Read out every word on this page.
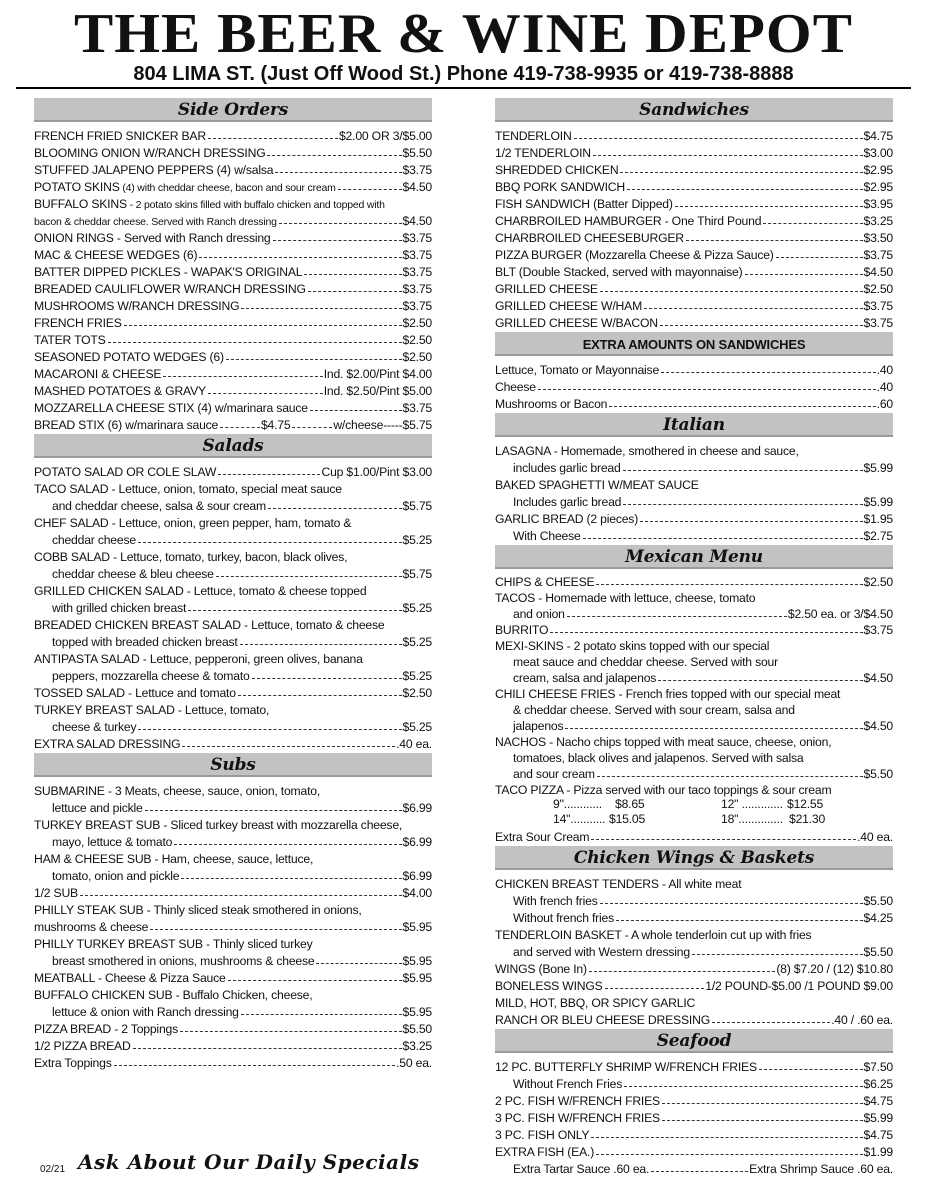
THE BEER & WINE DEPOT
804 LIMA ST. (Just Off Wood St.) Phone 419-738-9935 or 419-738-8888
Side Orders
FRENCH FRIED SNICKER BAR	$2.00 OR 3/$5.00
BLOOMING ONION W/RANCH DRESSING	$5.50
STUFFED JALAPENO PEPPERS (4) w/salsa	$3.75
POTATO SKINS (4) with cheddar cheese, bacon and sour cream	$4.50
BUFFALO SKINS - 2 potato skins filled with buffalo chicken and topped with
bacon & cheddar cheese. Served with Ranch dressing	$4.50
ONION RINGS - Served with Ranch dressing	$3.75
MAC & CHEESE WEDGES (6)	$3.75
BATTER DIPPED PICKLES - WAPAK'S ORIGINAL	$3.75
BREADED CAULIFLOWER W/RANCH DRESSING	$3.75
MUSHROOMS W/RANCH DRESSING	$3.75
FRENCH FRIES	$2.50
TATER TOTS	$2.50
SEASONED POTATO WEDGES (6)	$2.50
MACARONI & CHEESE	Ind. $2.00/Pint $4.00
MASHED POTATOES & GRAVY	Ind. $2.50/Pint $5.00
MOZZARELLA CHEESE STIX (4) w/marinara sauce	$3.75
BREAD STIX (6) w/marinara sauce	$4.75	w/cheese-----$5.75
Salads
POTATO SALAD OR COLE SLAW	Cup $1.00/Pint $3.00
TACO SALAD - Lettuce, onion, tomato, special meat sauce
and cheddar cheese, salsa & sour cream	$5.75
CHEF SALAD - Lettuce, onion, green pepper, ham, tomato &
cheddar cheese	$5.25
COBB SALAD - Lettuce, tomato, turkey, bacon, black olives,
cheddar cheese & bleu cheese	$5.75
GRILLED CHICKEN SALAD - Lettuce, tomato & cheese topped
with grilled chicken breast	$5.25
BREADED CHICKEN BREAST SALAD - Lettuce, tomato & cheese
topped with breaded chicken breast	$5.25
ANTIPASTA SALAD - Lettuce, pepperoni, green olives, banana
peppers, mozzarella cheese & tomato	$5.25
TOSSED SALAD - Lettuce and tomato	$2.50
TURKEY BREAST SALAD - Lettuce, tomato,
cheese & turkey	$5.25
EXTRA SALAD DRESSING	.40 ea.
Subs
SUBMARINE - 3 Meats, cheese, sauce, onion, tomato,
lettuce and pickle	$6.99
TURKEY BREAST SUB - Sliced turkey breast with mozzarella cheese,
mayo, lettuce & tomato	$6.99
HAM & CHEESE SUB - Ham, cheese, sauce, lettuce,
tomato, onion and pickle	$6.99
1/2 SUB	$4.00
PHILLY STEAK SUB - Thinly sliced steak smothered in onions,
mushrooms & cheese	$5.95
PHILLY TURKEY BREAST SUB - Thinly sliced turkey
breast smothered in onions, mushrooms & cheese	$5.95
MEATBALL - Cheese & Pizza Sauce	$5.95
BUFFALO CHICKEN SUB - Buffalo Chicken, cheese,
lettuce & onion with Ranch dressing	$5.95
PIZZA BREAD - 2 Toppings	$5.50
1/2 PIZZA BREAD	$3.25
Extra Toppings	.50 ea.
Sandwiches
TENDERLOIN	$4.75
1/2 TENDERLOIN	$3.00
SHREDDED CHICKEN	$2.95
BBQ PORK SANDWICH	$2.95
FISH SANDWICH (Batter Dipped)	$3.95
CHARBROILED HAMBURGER - One Third Pound	$3.25
CHARBROILED CHEESEBURGER	$3.50
PIZZA BURGER (Mozzarella Cheese & Pizza Sauce)	$3.75
BLT (Double Stacked, served with mayonnaise)	$4.50
GRILLED CHEESE	$2.50
GRILLED CHEESE W/HAM	$3.75
GRILLED CHEESE W/BACON	$3.75
EXTRA AMOUNTS ON SANDWICHES
Lettuce, Tomato or Mayonnaise	.40
Cheese	.40
Mushrooms or Bacon	.60
Italian
LASAGNA - Homemade, smothered in cheese and sauce,
includes garlic bread	$5.99
BAKED SPAGHETTI W/MEAT SAUCE
Includes garlic bread	$5.99
GARLIC BREAD (2 pieces)	$1.95
With Cheese	$2.75
Mexican Menu
CHIPS & CHEESE	$2.50
TACOS - Homemade with lettuce, cheese, tomato
and onion	$2.50 ea. or 3/$4.50
BURRITO	$3.75
MEXI-SKINS - 2 potato skins topped with our special
meat sauce and cheddar cheese. Served with sour
cream, salsa and jalapenos	$4.50
CHILI CHEESE FRIES - French fries topped with our special meat
& cheddar cheese. Served with sour cream, salsa and
jalapenos	$4.50
NACHOS - Nacho chips topped with meat sauce, cheese, onion,
tomatoes, black olives and jalapenos. Served with salsa
and sour cream	$5.50
TACO PIZZA - Pizza served with our taco toppings & sour cream
9"............ $8.65	12" ............. $12.55
14"........... $15.05	18".............. $21.30
Extra Sour Cream	.40 ea.
Chicken Wings & Baskets
CHICKEN BREAST TENDERS - All white meat
With french fries	$5.50
Without french fries	$4.25
TENDERLOIN BASKET - A whole tenderloin cut up with fries
and served with Western dressing	$5.50
WINGS (Bone In)	(8) $7.20 / (12) $10.80
BONELESS WINGS	1/2 POUND-$5.00 /1 POUND $9.00
MILD, HOT, BBQ, OR SPICY GARLIC
RANCH OR BLEU CHEESE DRESSING	.40 / .60 ea.
Seafood
12 PC. BUTTERFLY SHRIMP W/FRENCH FRIES	$7.50
Without French Fries	$6.25
2 PC. FISH W/FRENCH FRIES	$4.75
3 PC. FISH W/FRENCH FRIES	$5.99
3 PC. FISH ONLY	$4.75
EXTRA FISH (EA.)	$1.99
Extra Tartar Sauce .60 ea.	Extra Shrimp Sauce .60 ea.
02/21 Ask About Our Daily Specials
